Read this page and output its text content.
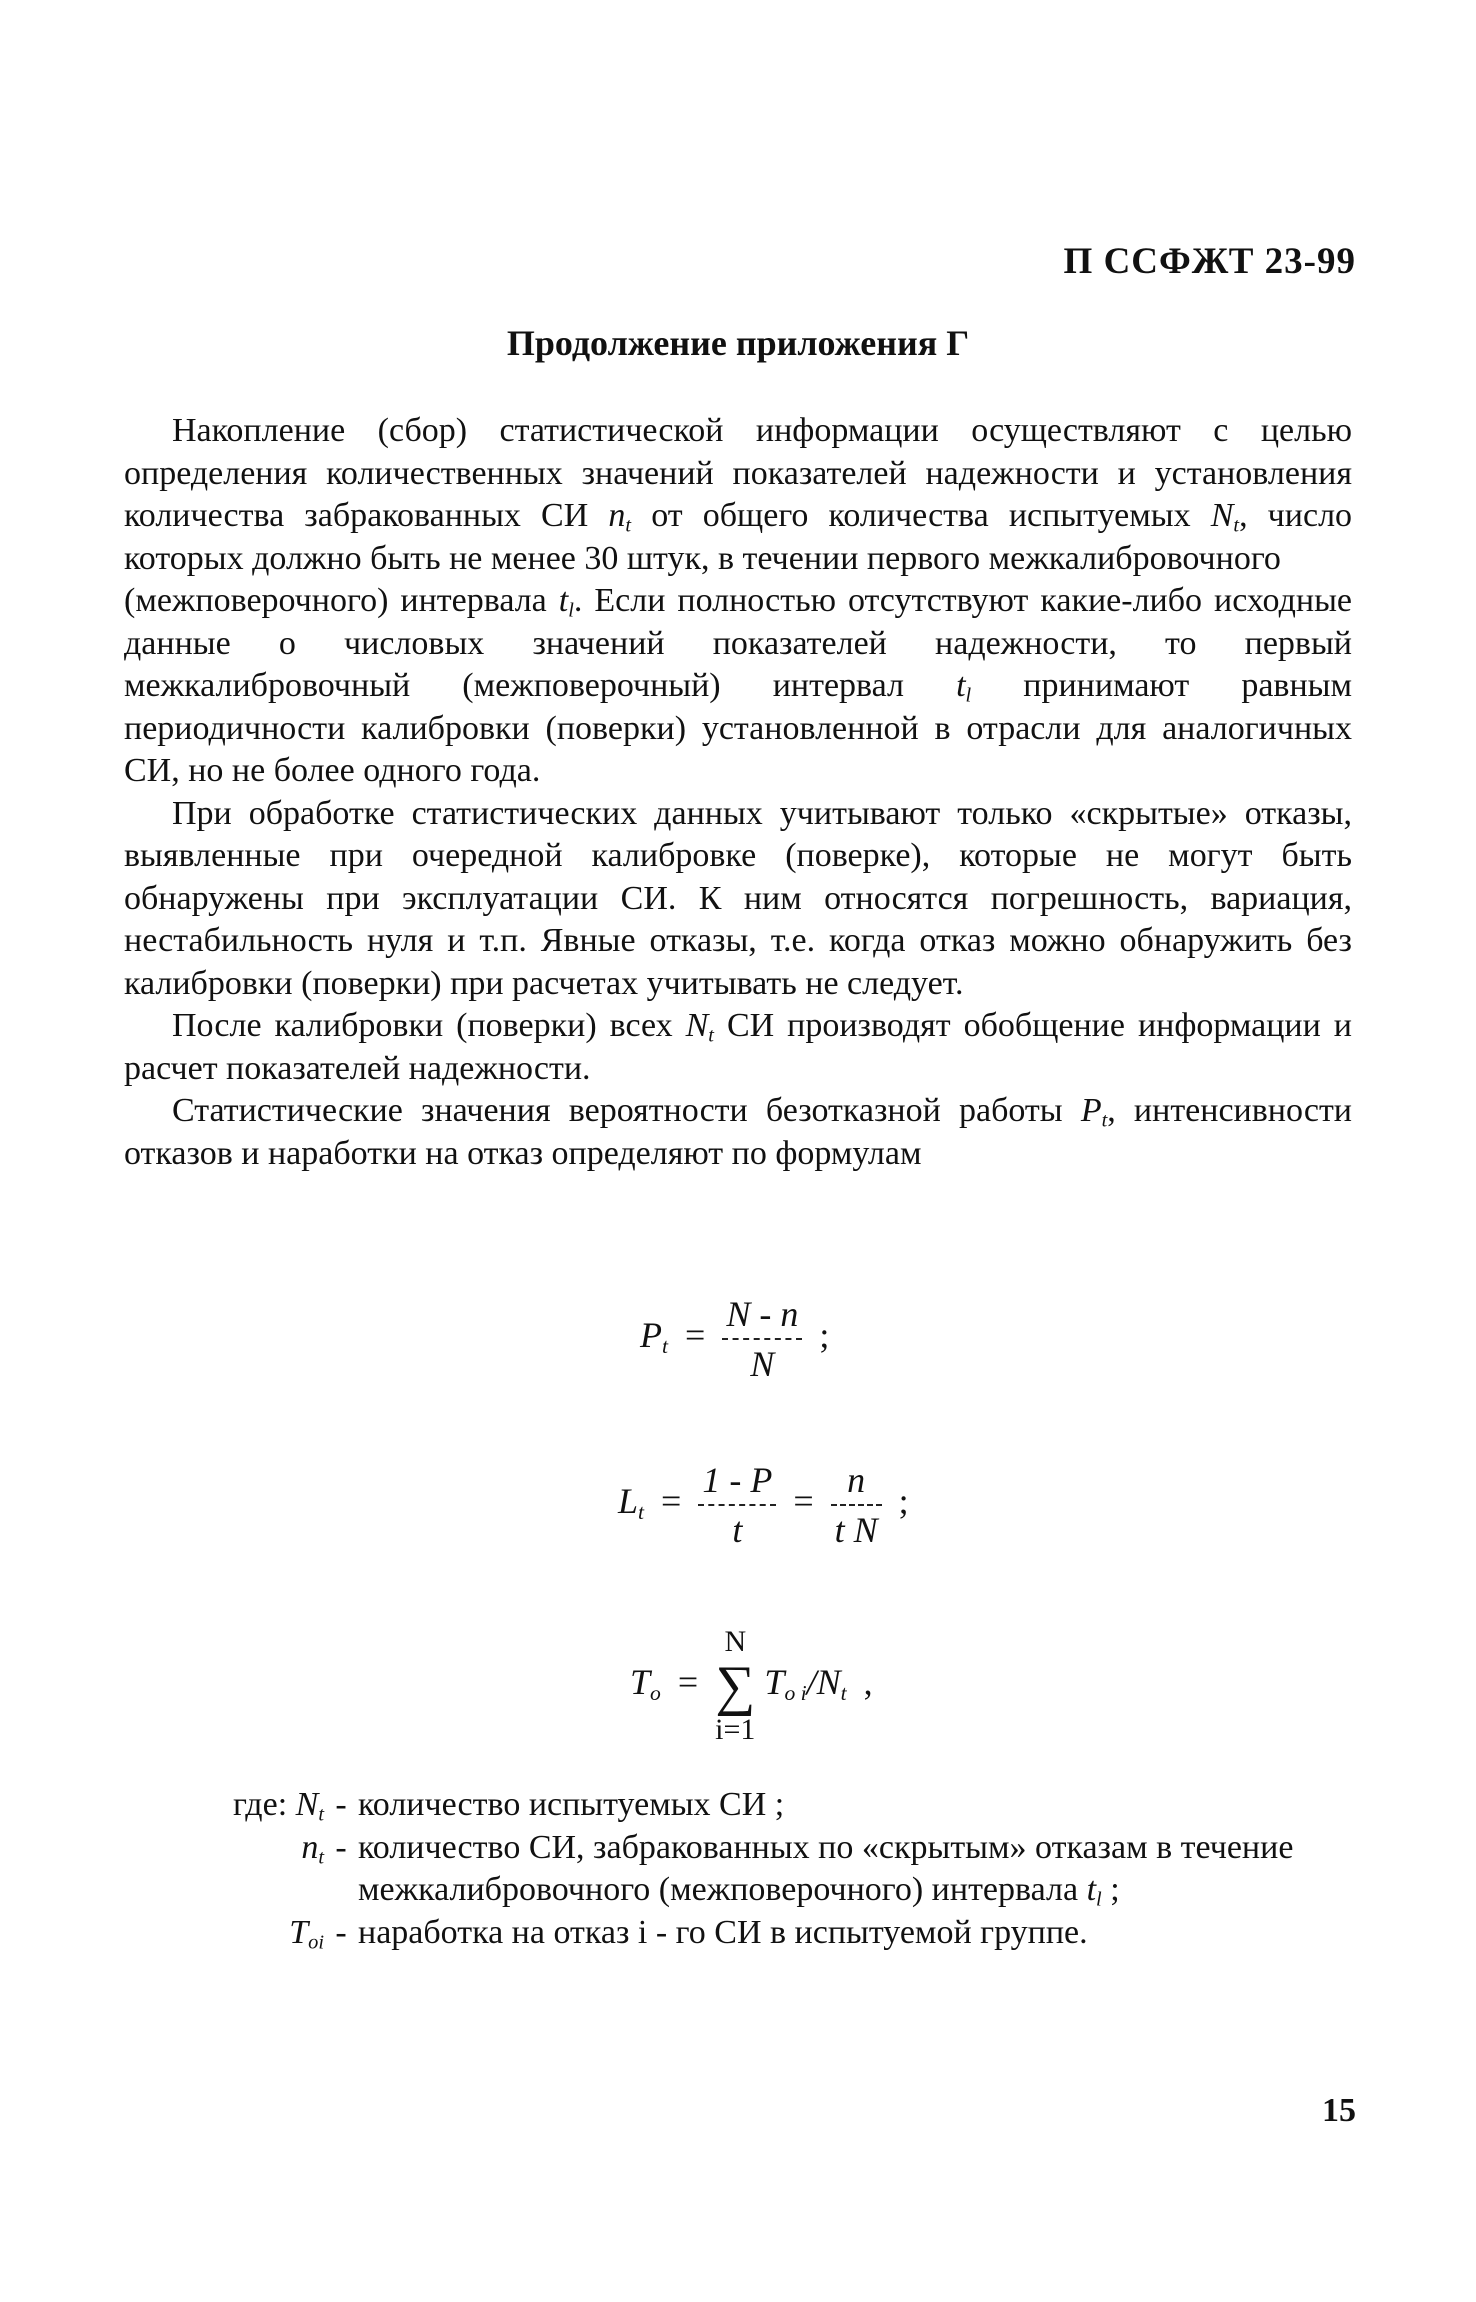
П ССФЖТ 23-99
Продолжение приложения Г

Накопление (сбор) статистической информации осуществляют с целью определения количественных значений показателей надежности и установления количества забракованных СИ $n_t$ от общего количества испытуемых $N_t$, число которых должно быть не менее 30 штук, в течении первого межкалибровочного

(межповерочного) интервала $t_l$. Если полностью отсутствуют какие-либо исходные данные о числовых значений показателей надежности, то первый межкалибровочный (межповерочный) интервал $t_l$ принимают равным периодичности калибровки (поверки) установленной в отрасли для аналогичных СИ, но не более одного года.

При обработке статистических данных учитывают только «скрытые» отказы, выявленные при очередной калибровке (поверке), которые не могут быть обнаружены при эксплуатации СИ. К ним относятся погрешность, вариация, нестабильность нуля и т.п. Явные отказы, т.е. когда отказ можно обнаружить без калибровки (поверки) при расчетах учитывать не следует.

После калибровки (поверки) всех $N_t$ СИ производят обобщение информации и расчет показателей надежности.

Статистические значения вероятности безотказной работы $P_t$, интенсивности отказов и наработки на отказ определяют по формулам

$P_t = \frac{N - n}{N}$ ;
$L_t = \frac{1 - P}{t} = \frac{n}{\text{t N}}$ ;
$T_o$ =
N
∑
i=1
$T_{o i}/N_t$ ,
где: $N_t$ - количество испытуемых СИ ;
$n_t$ - количество СИ, забракованных по «скрытым» отказам в течение межкалибровочного (межповерочного) интервала $t_l$ ;
$T_{oi}$ - наработка на отказ i - го СИ в испытуемой группе.
15
